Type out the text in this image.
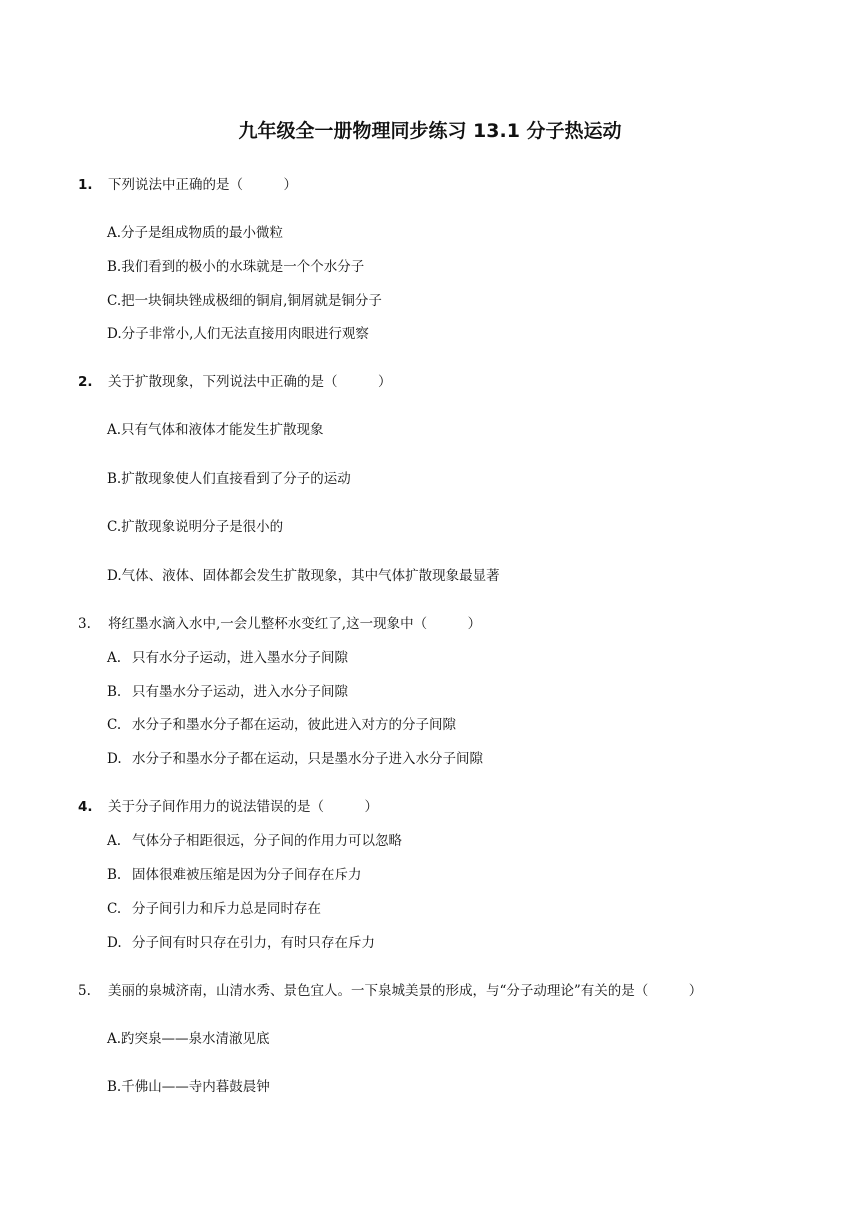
九年级全一册物理同步练习 13.1 分子热运动
1. 下列说法中正确的是（　　　）
A.分子是组成物质的最小微粒
B.我们看到的极小的水珠就是一个个水分子
C.把一块铜块锉成极细的铜肩,铜屑就是铜分子
D.分子非常小,人们无法直接用肉眼进行观察
2. 关于扩散现象，下列说法中正确的是（　　　）
A.只有气体和液体才能发生扩散现象
B.扩散现象使人们直接看到了分子的运动
C.扩散现象说明分子是很小的
D.气体、液体、固体都会发生扩散现象，其中气体扩散现象最显著
3. 将红墨水滴入水中,一会儿整杯水变红了,这一现象中（　　　）
A. 只有水分子运动，进入墨水分子间隙
B. 只有墨水分子运动，进入水分子间隙
C. 水分子和墨水分子都在运动，彼此进入对方的分子间隙
D. 水分子和墨水分子都在运动，只是墨水分子进入水分子间隙
4. 关于分子间作用力的说法错误的是（　　　）
A. 气体分子相距很远，分子间的作用力可以忽略
B. 固体很难被压缩是因为分子间存在斥力
C. 分子间引力和斥力总是同时存在
D. 分子间有时只存在引力，有时只存在斥力
5. 美丽的泉城济南，山清水秀、景色宜人。一下泉城美景的形成，与“分子动理论”有关的是（　　　）
A.趵突泉——泉水清澈见底
B.千佛山——寺内暮鼓晨钟
